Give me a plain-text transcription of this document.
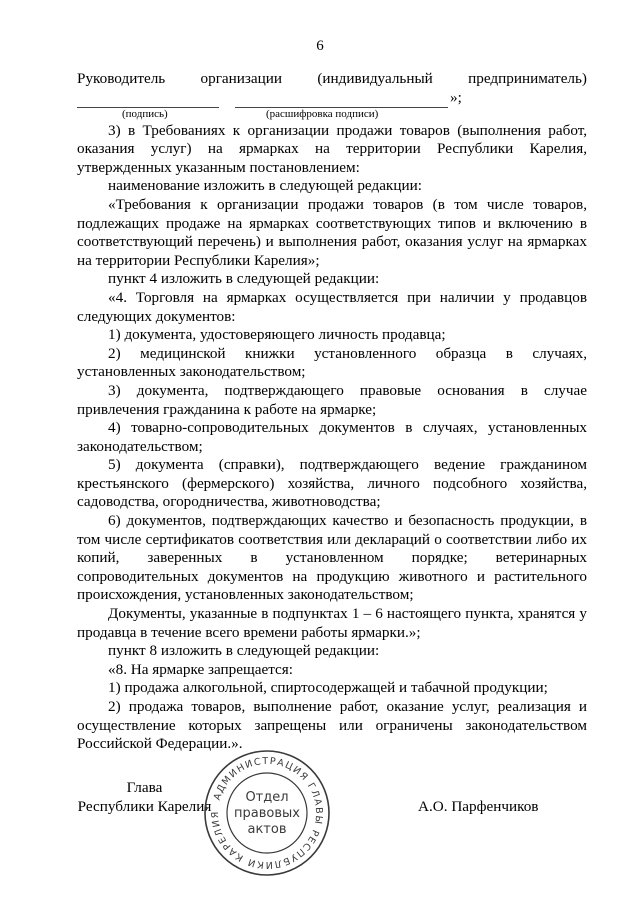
6

Руководитель организации (индивидуальный предприниматель)

»;
(подпись)	(расшифровка подписи)

3) в Требованиях к организации продажи товаров (выполнения работ, оказания услуг) на ярмарках на территории Республики Карелия, утвержденных указанным постановлением:

наименование изложить в следующей редакции:

«Требования к организации продажи товаров (в том числе товаров, подлежащих продаже на ярмарках соответствующих типов и включению в соответствующий перечень) и выполнения работ, оказания услуг на ярмарках на территории Республики Карелия»;

пункт 4 изложить в следующей редакции:

«4. Торговля на ярмарках осуществляется при наличии у продавцов следующих документов:

1) документа, удостоверяющего личность продавца;

2) медицинской книжки установленного образца в случаях, установленных законодательством;

3) документа, подтверждающего правовые основания в случае привлечения гражданина к работе на ярмарке;

4) товарно-сопроводительных документов в случаях, установленных законодательством;

5) документа (справки), подтверждающего ведение гражданином крестьянского (фермерского) хозяйства, личного подсобного хозяйства, садоводства, огородничества, животноводства;

6) документов, подтверждающих качество и безопасность продукции, в том числе сертификатов соответствия или деклараций о соответствии либо их копий, заверенных в установленном порядке; ветеринарных сопроводительных документов на продукцию животного и растительного происхождения, установленных законодательством;

Документы, указанные в подпунктах 1 – 6 настоящего пункта, хранятся у продавца в течение всего времени работы ярмарки.»;

пункт 8 изложить в следующей редакции:

«8. На ярмарке запрещается:

1) продажа алкогольной, спиртосодержащей и табачной продукции;

2) продажа товаров, выполнение работ, оказание услуг, реализация и осуществление которых запрещены или ограничены законодательством Российской Федерации.».

Глава
Республики Карелия
АДМИНИСТРАЦИЯ ГЛАВЫ РЕСПУБЛИКИ КАРЕЛИЯ
Отдел
правовых
актов
А.О. Парфенчиков
